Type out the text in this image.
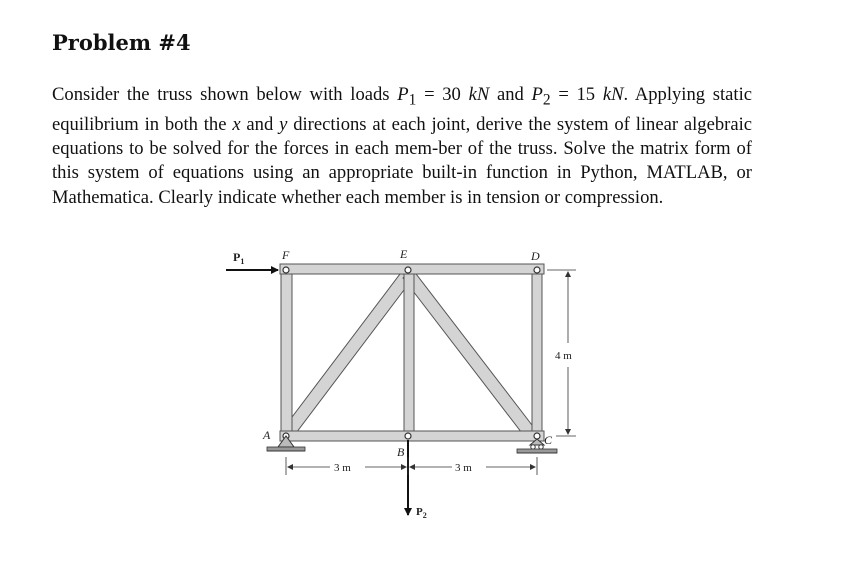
Problem #4

Consider the truss shown below with loads $P_1 = 30$ kN and $P_2 = 15$ kN. Applying static equilibrium in both the x and y directions at each joint, derive the system of linear algebraic equations to be solved for the forces in each mem-ber of the truss. Solve the matrix form of this system of equations using an appropriate built-in function in Python, MATLAB, or Mathematica. Clearly indicate whether each member is in tension or compression.

$P_1$
$P_2$
F	E	D
A
B
C
3 m	3 m
4 m
